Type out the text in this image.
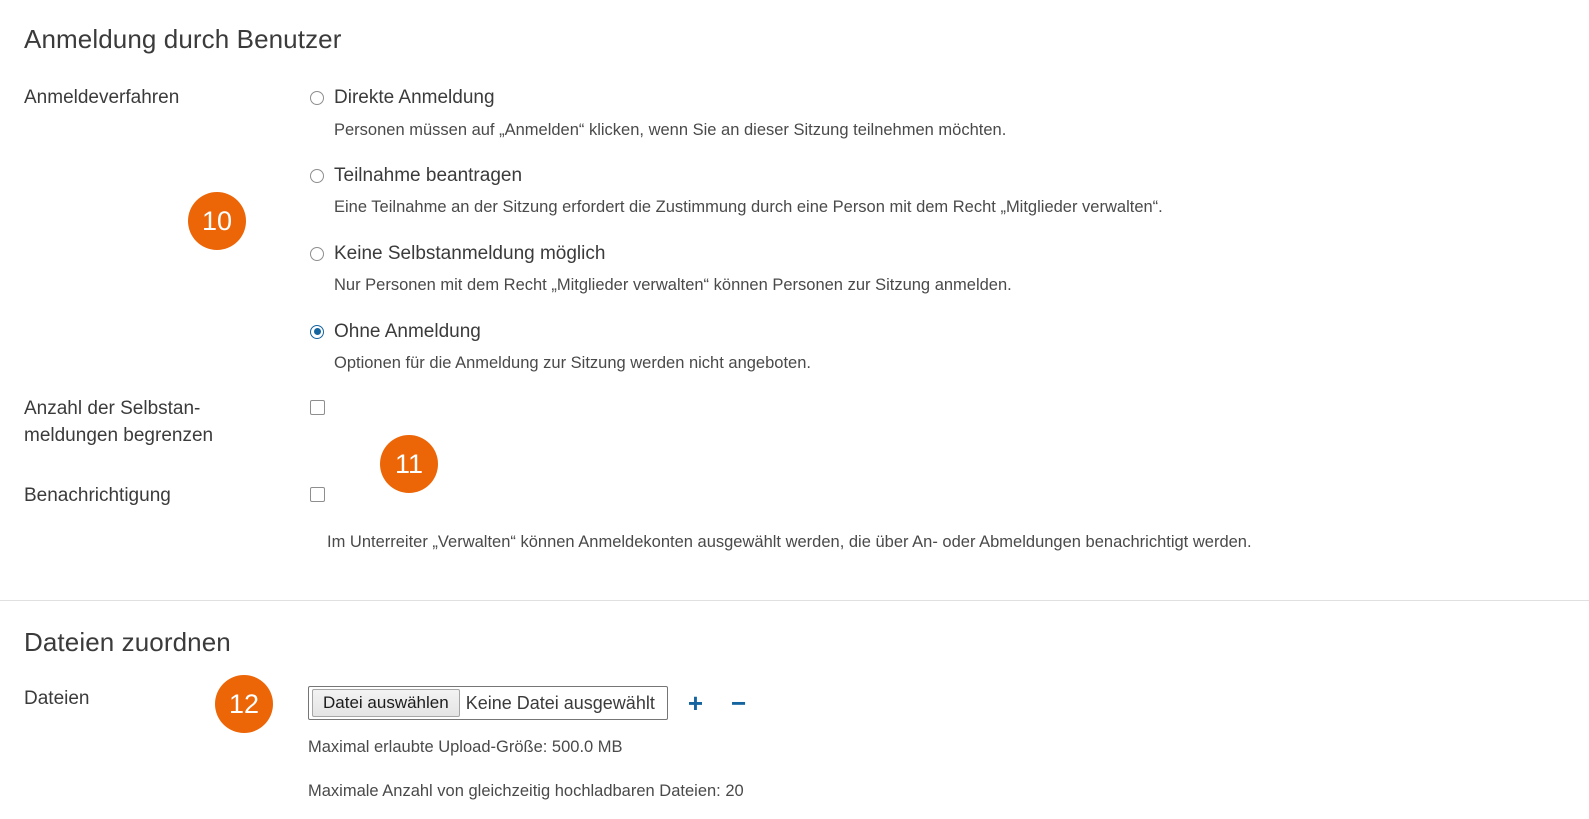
Anmeldung durch Benutzer
Anmeldeverfahren	Direkte Anmeldung
Personen müssen auf „Anmelden“ klicken, wenn Sie an dieser Sitzung teilnehmen möchten.
Teilnahme beantragen
Eine Teilnahme an der Sitzung erfordert die Zustimmung durch eine Person mit dem Recht „Mitglieder verwalten“.
Keine Selbstanmeldung möglich
Nur Personen mit dem Recht „Mitglieder verwalten“ können Personen zur Sitzung anmelden.
Ohne Anmeldung
Optionen für die Anmeldung zur Sitzung werden nicht angeboten.
Anzahl der Selbstan-
meldungen begrenzen
Benachrichtigung
Im Unterreiter „Verwalten“ können Anmeldekonten ausgewählt werden, die über An- oder Abmeldungen benachrichtigt werden.
Dateien zuordnen
Dateien	Datei auswählen Keine Datei ausgewählt	+ −
Maximal erlaubte Upload-Größe: 500.0 MB
Maximale Anzahl von gleichzeitig hochladbaren Dateien: 20
10
11
12
